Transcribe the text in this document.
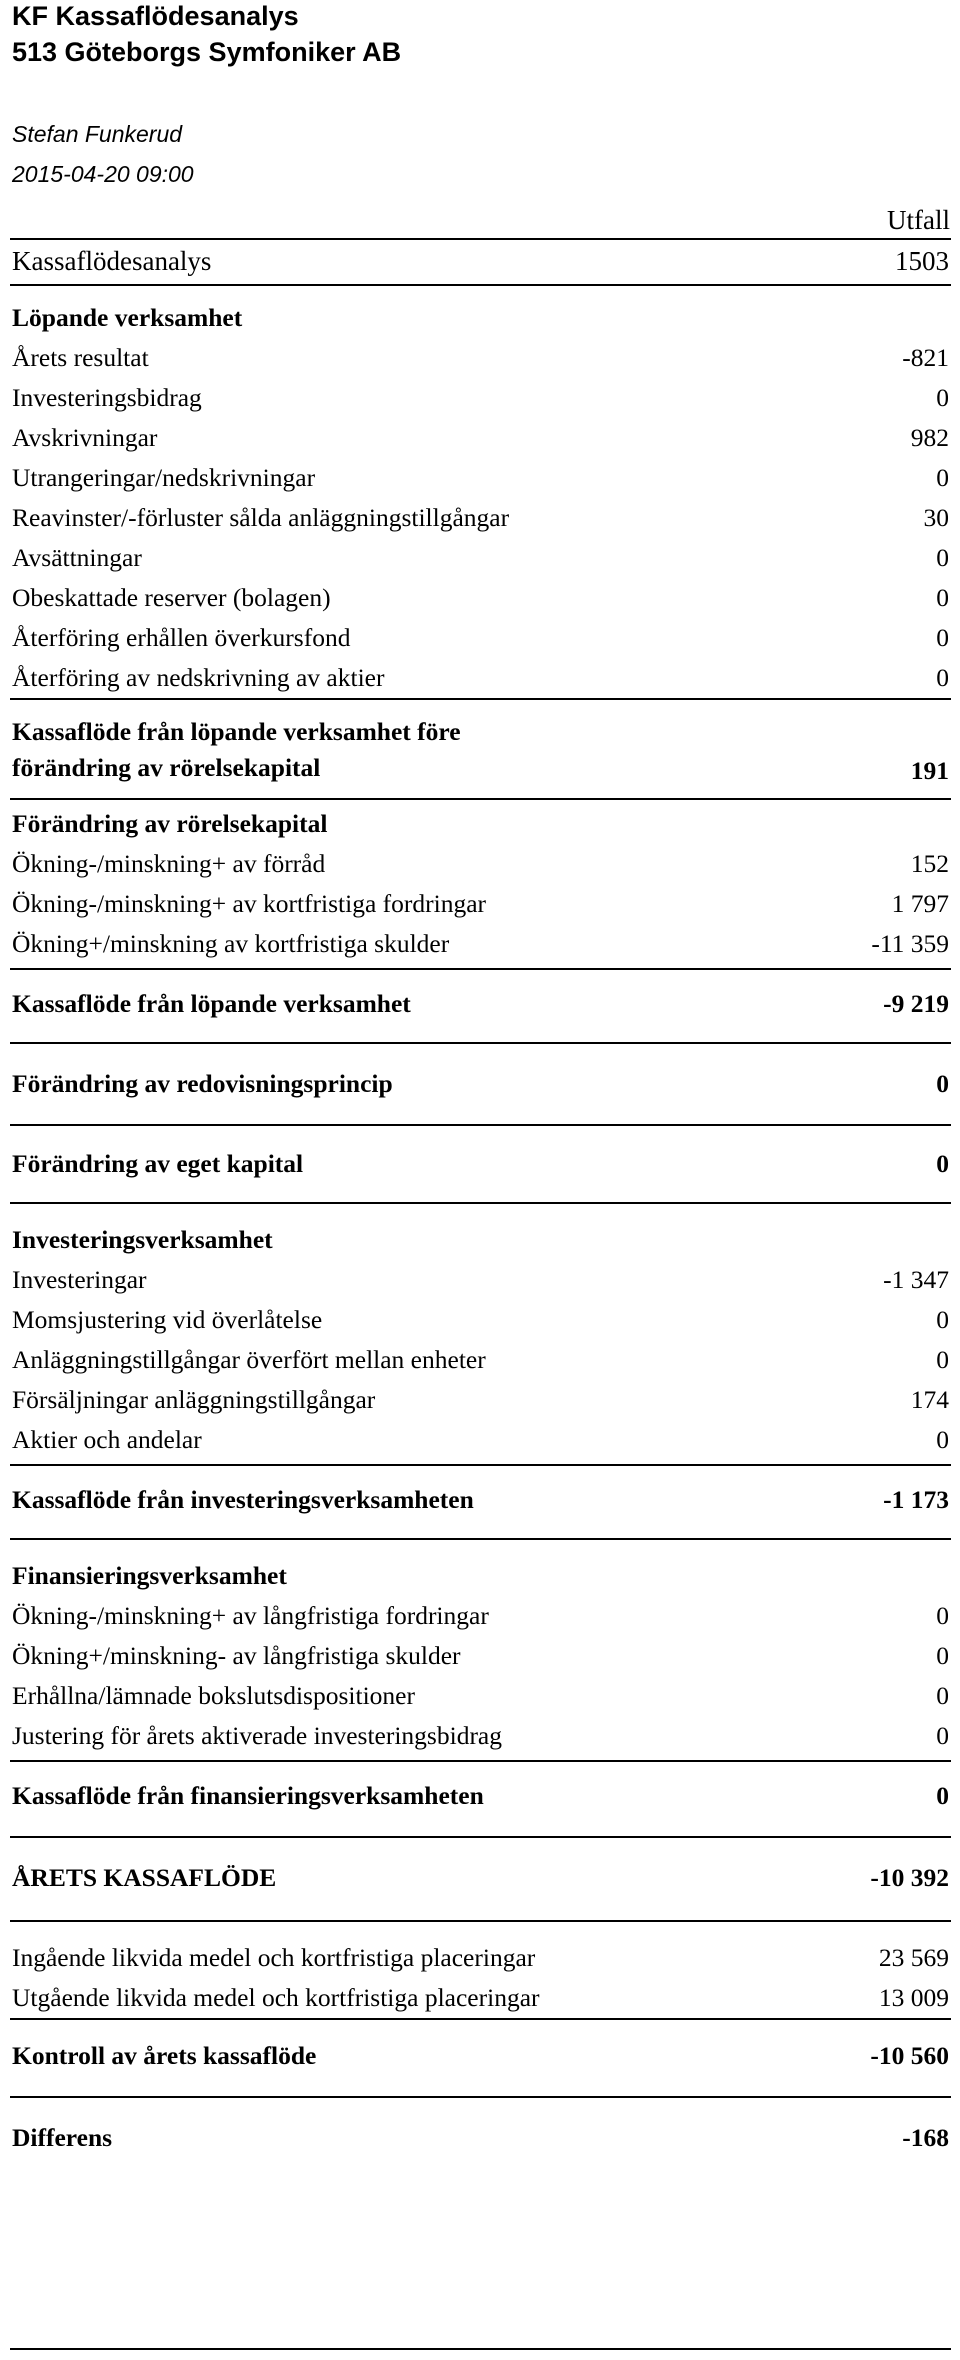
KF Kassaflödesanalys
513 Göteborgs Symfoniker AB
Stefan Funkerud
2015-04-20 09:00
Utfall
Kassaflödesanalys	1503
Löpande verksamhet
Årets resultat	-821
Investeringsbidrag	0
Avskrivningar	982
Utrangeringar/nedskrivningar	0
Reavinster/-förluster sålda anläggningstillgångar	30
Avsättningar	0
Obeskattade reserver (bolagen)	0
Återföring erhållen överkursfond	0
Återföring av nedskrivning av aktier	0
Kassaflöde från löpande verksamhet före
förändring av rörelsekapital	191
Förändring av rörelsekapital
Ökning-/minskning+ av förråd	152
Ökning-/minskning+ av kortfristiga fordringar	1 797
Ökning+/minskning av kortfristiga skulder	-11 359
Kassaflöde från löpande verksamhet	-9 219
Förändring av redovisningsprincip	0
Förändring av eget kapital	0
Investeringsverksamhet
Investeringar	-1 347
Momsjustering vid överlåtelse	0
Anläggningstillgångar överfört mellan enheter	0
Försäljningar anläggningstillgångar	174
Aktier och andelar	0
Kassaflöde från investeringsverksamheten	-1 173
Finansieringsverksamhet
Ökning-/minskning+ av långfristiga fordringar	0
Ökning+/minskning- av långfristiga skulder	0
Erhållna/lämnade bokslutsdispositioner	0
Justering för årets aktiverade investeringsbidrag	0
Kassaflöde från finansieringsverksamheten	0
ÅRETS KASSAFLÖDE	-10 392
Ingående likvida medel och kortfristiga placeringar	23 569
Utgående likvida medel och kortfristiga placeringar	13 009
Kontroll av årets kassaflöde	-10 560
Differens	-168
